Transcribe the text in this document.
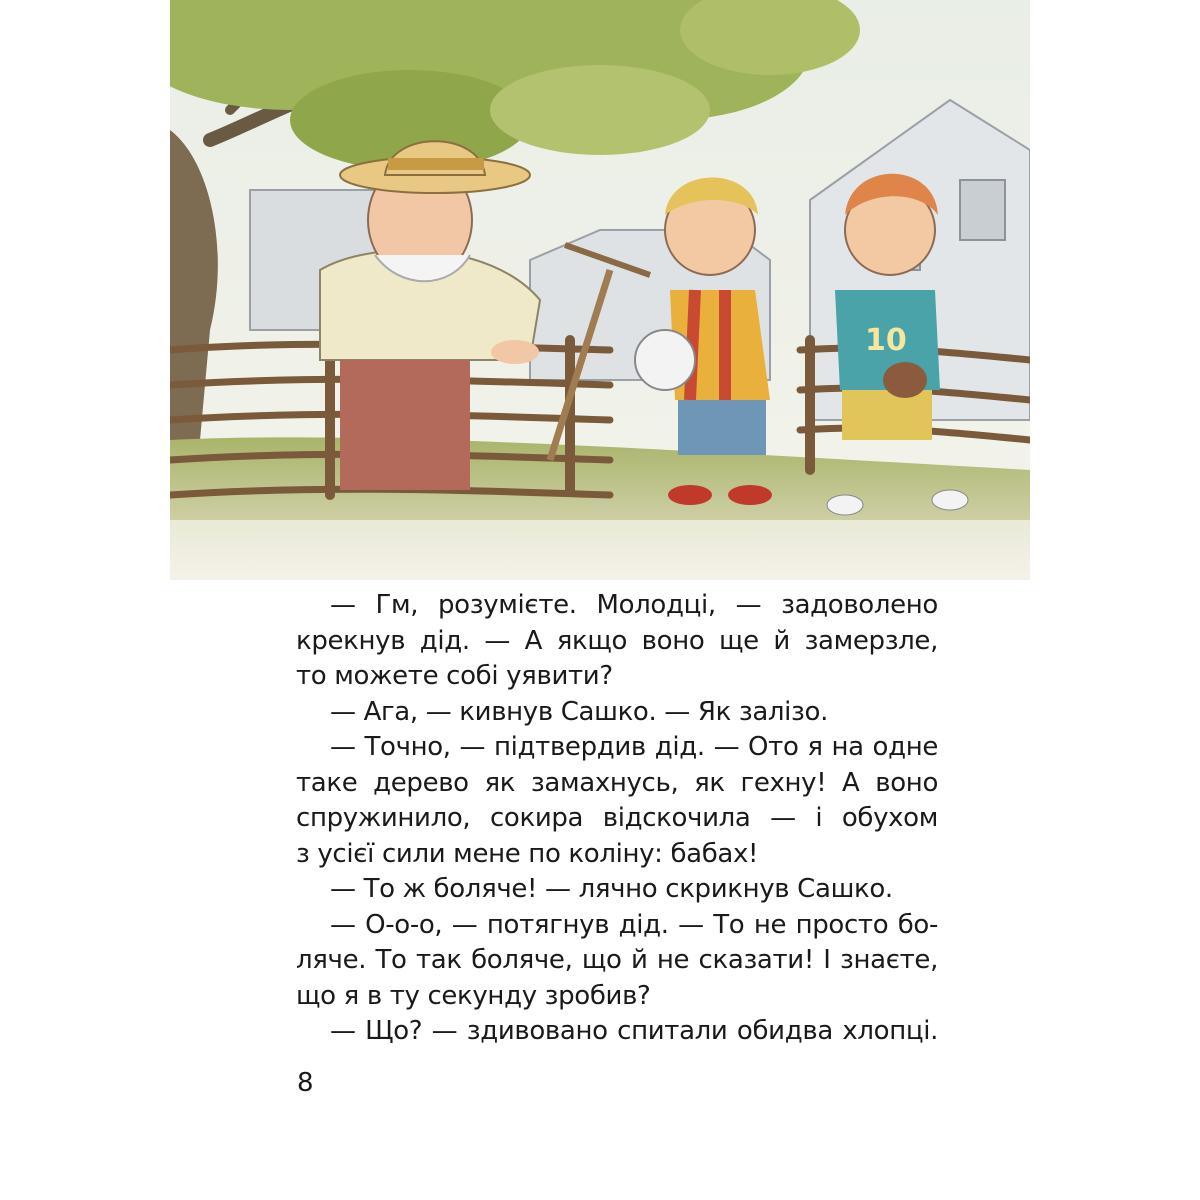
10
— Гм, розумієте. Молодці, — задоволено
крекнув дід. — А якщо воно ще й замерзле,
то можете собі уявити?
— Ага, — кивнув Сашко. — Як залізо.
— Точно, — підтвердив дід. — Ото я на одне
таке дерево як замахнусь, як гехну! А воно
спружинило, сокира відскочила — і обухом
з усієї сили мене по коліну: бабах!
— То ж боляче! — лячно скрикнув Сашко.
— О-о-о, — потягнув дід. — То не просто бо-
ляче. То так боляче, що й не сказати! І знаєте,
що я в ту секунду зробив?
— Що? — здивовано спитали обидва хлопці.
8
